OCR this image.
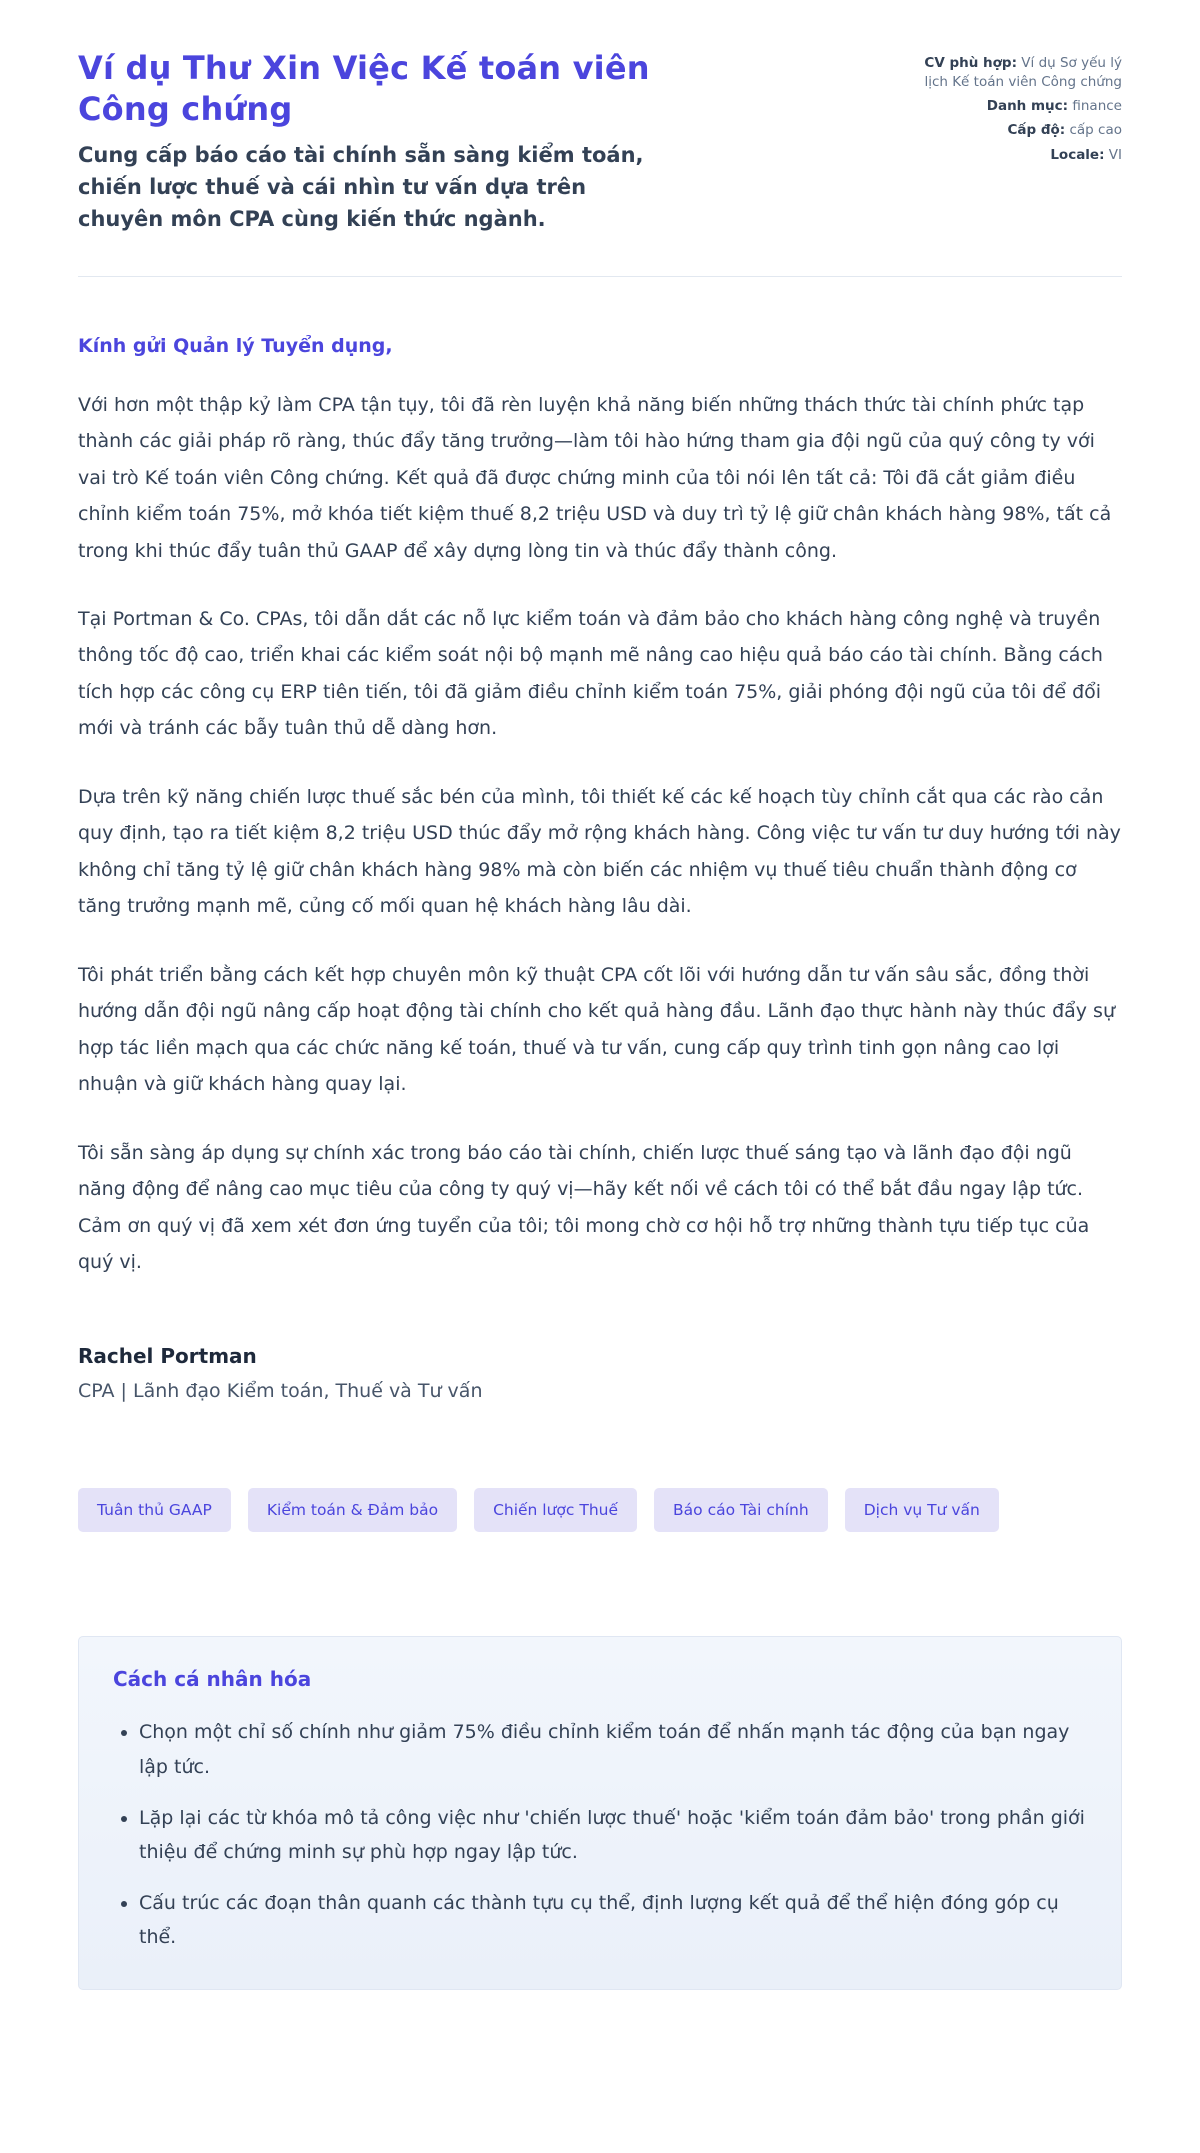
Ví dụ Thư Xin Việc Kế toán viên Công chứng

Cung cấp báo cáo tài chính sẵn sàng kiểm toán, chiến lược thuế và cái nhìn tư vấn dựa trên chuyên môn CPA cùng kiến thức ngành.

CV phù hợp: Ví dụ Sơ yếu lý lịch Kế toán viên Công chứng
Danh mục: finance
Cấp độ: cấp cao
Locale: VI

Kính gửi Quản lý Tuyển dụng,

Với hơn một thập kỷ làm CPA tận tụy, tôi đã rèn luyện khả năng biến những thách thức tài chính phức tạp thành các giải pháp rõ ràng, thúc đẩy tăng trưởng—làm tôi hào hứng tham gia đội ngũ của quý công ty với vai trò Kế toán viên Công chứng. Kết quả đã được chứng minh của tôi nói lên tất cả: Tôi đã cắt giảm điều chỉnh kiểm toán 75%, mở khóa tiết kiệm thuế 8,2 triệu USD và duy trì tỷ lệ giữ chân khách hàng 98%, tất cả trong khi thúc đẩy tuân thủ GAAP để xây dựng lòng tin và thúc đẩy thành công.

Tại Portman & Co. CPAs, tôi dẫn dắt các nỗ lực kiểm toán và đảm bảo cho khách hàng công nghệ và truyền thông tốc độ cao, triển khai các kiểm soát nội bộ mạnh mẽ nâng cao hiệu quả báo cáo tài chính. Bằng cách tích hợp các công cụ ERP tiên tiến, tôi đã giảm điều chỉnh kiểm toán 75%, giải phóng đội ngũ của tôi để đổi mới và tránh các bẫy tuân thủ dễ dàng hơn.

Dựa trên kỹ năng chiến lược thuế sắc bén của mình, tôi thiết kế các kế hoạch tùy chỉnh cắt qua các rào cản quy định, tạo ra tiết kiệm 8,2 triệu USD thúc đẩy mở rộng khách hàng. Công việc tư vấn tư duy hướng tới này không chỉ tăng tỷ lệ giữ chân khách hàng 98% mà còn biến các nhiệm vụ thuế tiêu chuẩn thành động cơ tăng trưởng mạnh mẽ, củng cố mối quan hệ khách hàng lâu dài.

Tôi phát triển bằng cách kết hợp chuyên môn kỹ thuật CPA cốt lõi với hướng dẫn tư vấn sâu sắc, đồng thời hướng dẫn đội ngũ nâng cấp hoạt động tài chính cho kết quả hàng đầu. Lãnh đạo thực hành này thúc đẩy sự hợp tác liền mạch qua các chức năng kế toán, thuế và tư vấn, cung cấp quy trình tinh gọn nâng cao lợi nhuận và giữ khách hàng quay lại.

Tôi sẵn sàng áp dụng sự chính xác trong báo cáo tài chính, chiến lược thuế sáng tạo và lãnh đạo đội ngũ năng động để nâng cao mục tiêu của công ty quý vị—hãy kết nối về cách tôi có thể bắt đầu ngay lập tức. Cảm ơn quý vị đã xem xét đơn ứng tuyển của tôi; tôi mong chờ cơ hội hỗ trợ những thành tựu tiếp tục của quý vị.

Rachel Portman
CPA | Lãnh đạo Kiểm toán, Thuế và Tư vấn
Tuân thủ GAAP	Kiểm toán & Đảm bảo	Chiến lược Thuế	Báo cáo Tài chính	Dịch vụ Tư vấn
Cách cá nhân hóa
• Chọn một chỉ số chính như giảm 75% điều chỉnh kiểm toán để nhấn mạnh tác động của bạn ngay lập tức.
• Lặp lại các từ khóa mô tả công việc như 'chiến lược thuế' hoặc 'kiểm toán đảm bảo' trong phần giới thiệu để chứng minh sự phù hợp ngay lập tức.
• Cấu trúc các đoạn thân quanh các thành tựu cụ thể, định lượng kết quả để thể hiện đóng góp cụ thể.
